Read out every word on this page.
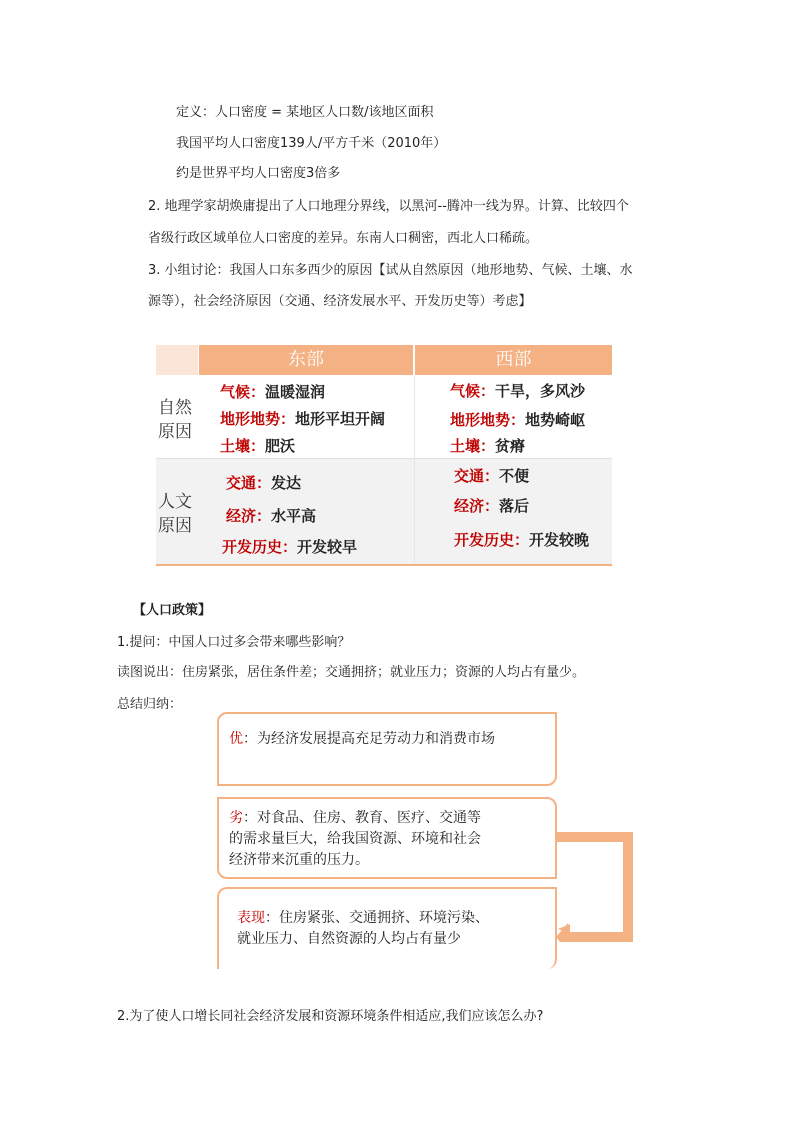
定义：人口密度 = 某地区人口数/该地区面积
我国平均人口密度139人/平方千米（2010年）
约是世界平均人口密度3倍多
2. 地理学家胡焕庸提出了人口地理分界线，以黑河--腾冲一线为界。计算、比较四个
省级行政区域单位人口密度的差异。东南人口稠密，西北人口稀疏。
3. 小组讨论：我国人口东多西少的原因【试从自然原因（地形地势、气候、土壤、水
源等），社会经济原因（交通、经济发展水平、开发历史等）考虑】
东部	西部
自然
原因
人文
原因
气候：温暖湿润
地形地势：地形平坦开阔
土壤：肥沃
气候：干旱，多风沙
地形地势：地势崎岖
土壤：贫瘠
交通：发达
经济：水平高
开发历史：开发较早
交通：不便
经济：落后
开发历史：开发较晚
【人口政策】
1.提问：中国人口过多会带来哪些影响？
读图说出：住房紧张，居住条件差；交通拥挤；就业压力；资源的人均占有量少。
总结归纳：
优：为经济发展提高充足劳动力和消费市场
劣：对食品、住房、教育、医疗、交通等
的需求量巨大，给我国资源、环境和社会
经济带来沉重的压力。
表现：住房紧张、交通拥挤、环境污染、
就业压力、自然资源的人均占有量少
2.为了使人口增长同社会经济发展和资源环境条件相适应,我们应该怎么办?
